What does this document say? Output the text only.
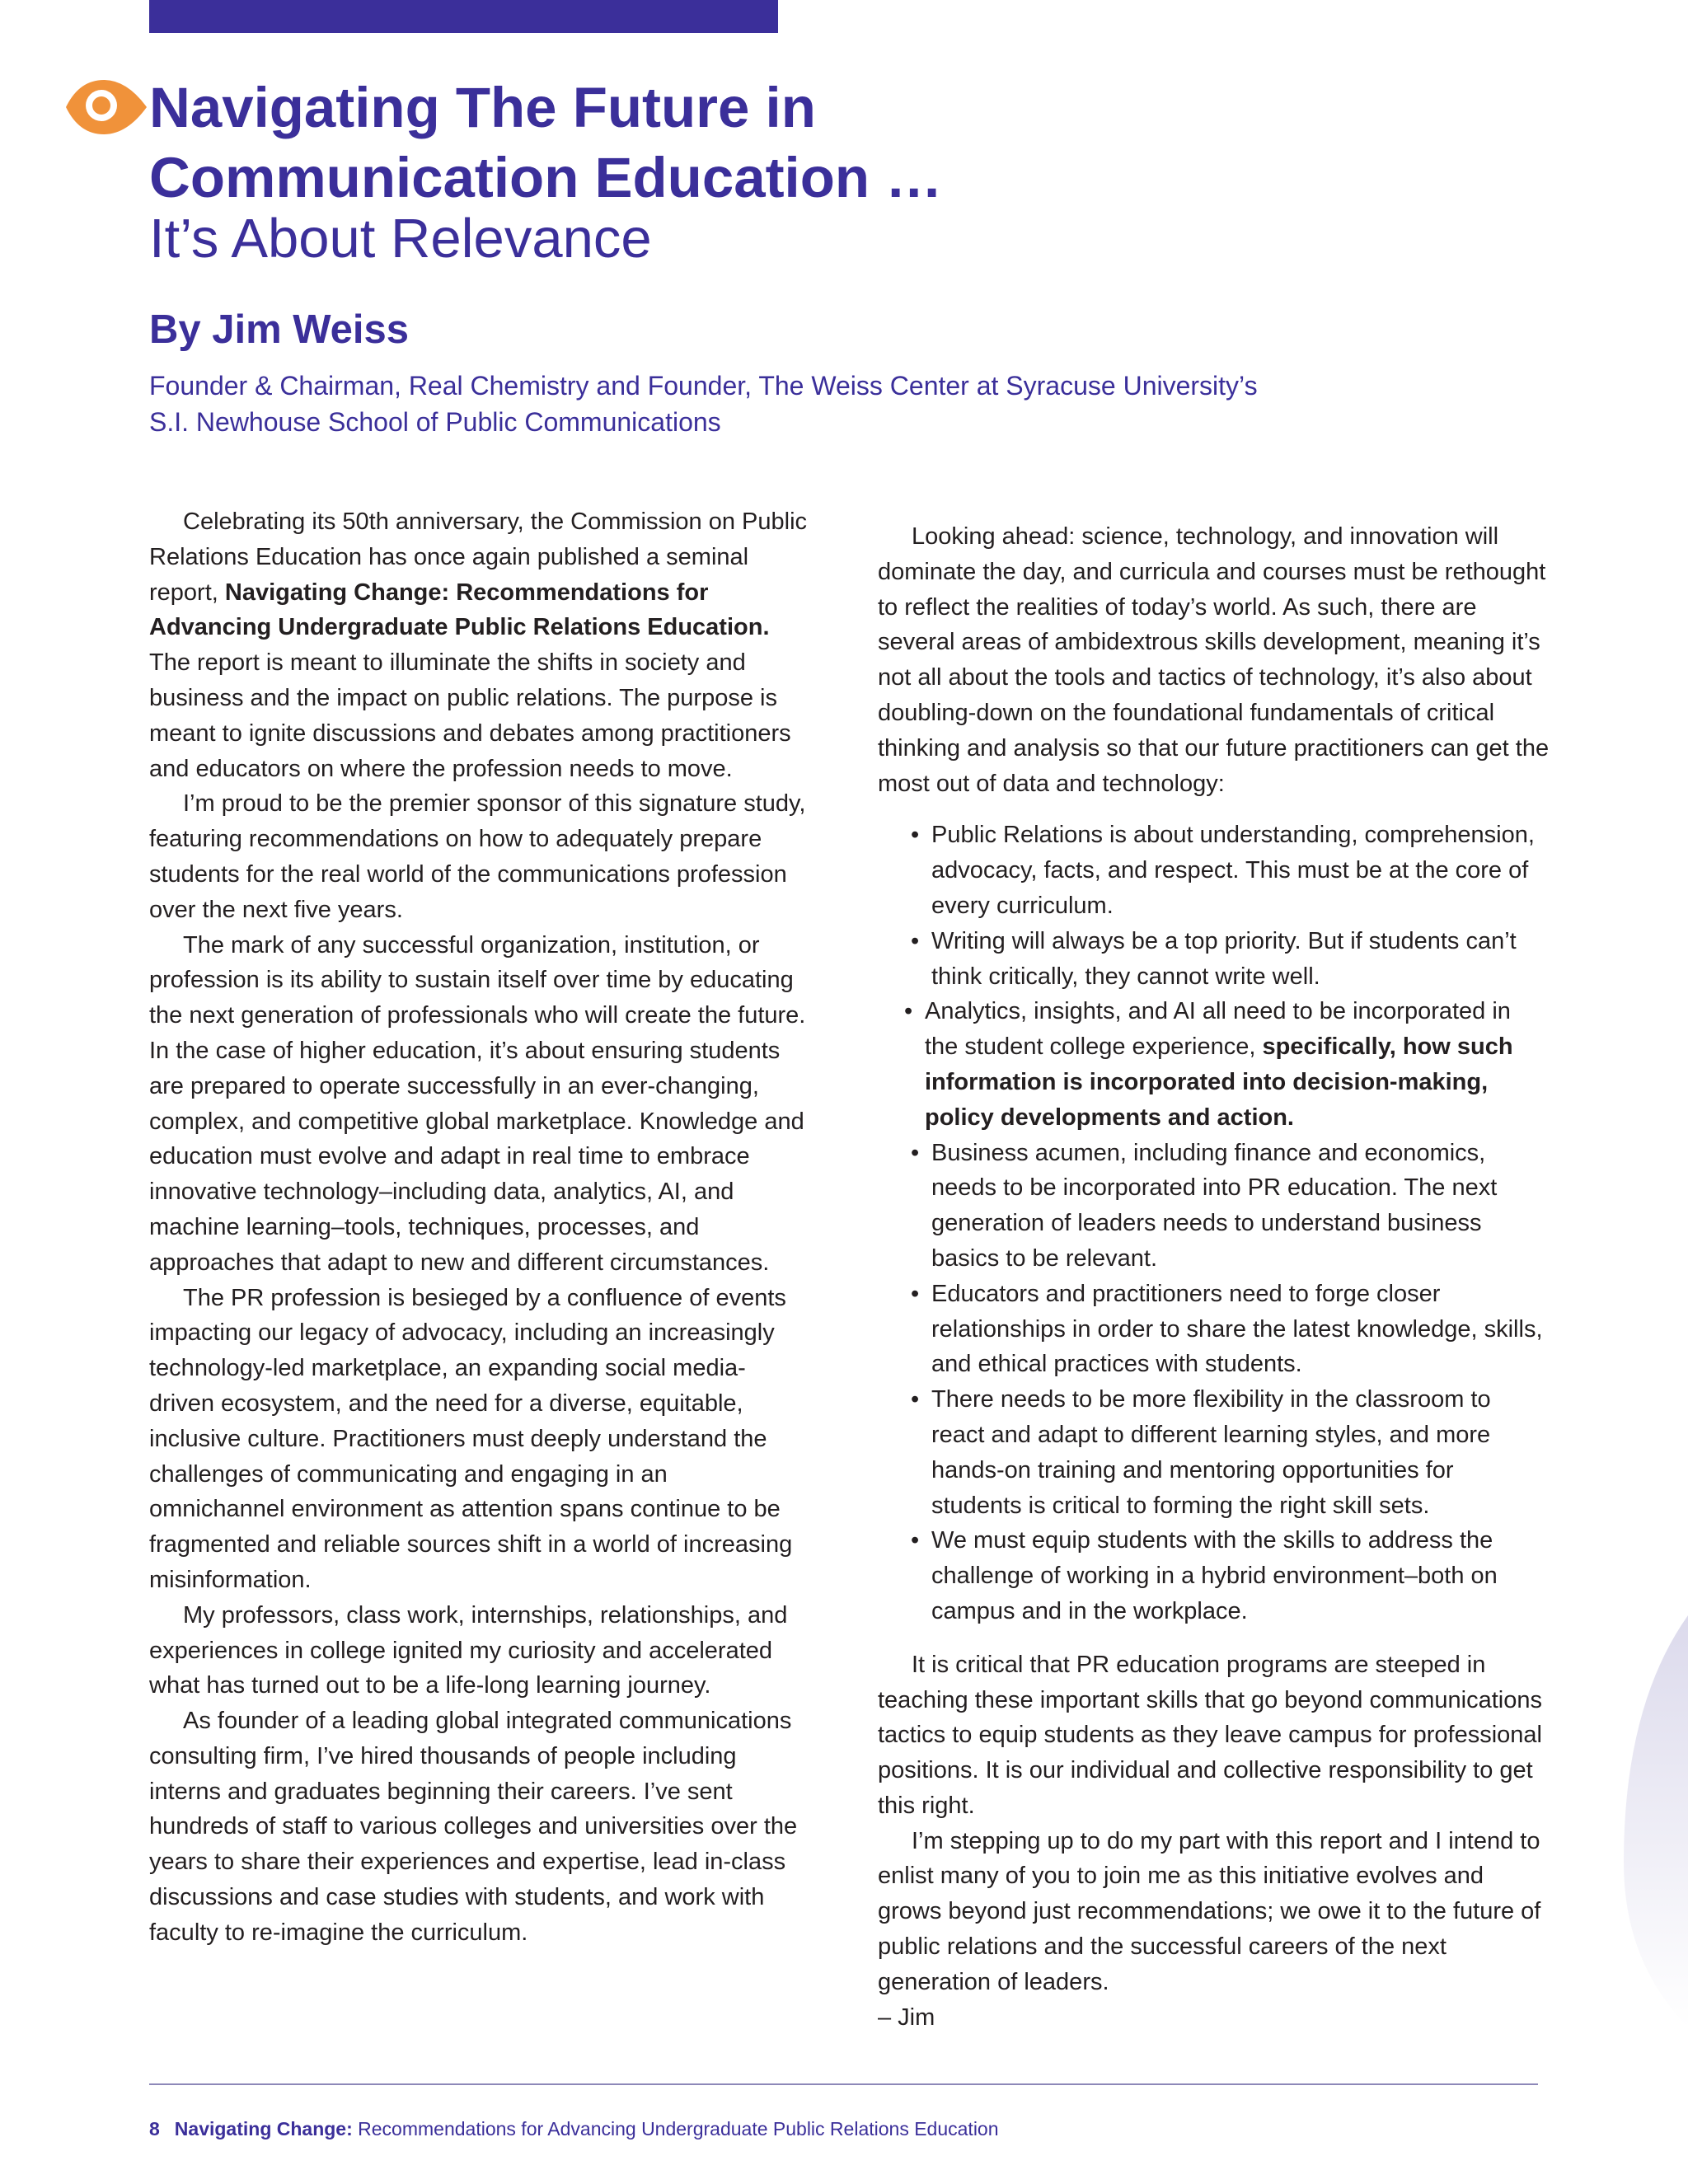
Navigating The Future in
Communication Education …
It’s About Relevance
By Jim Weiss
Founder & Chairman, Real Chemistry and Founder, The Weiss Center at Syracuse University’s
S.I. Newhouse School of Public Communications

Celebrating its 50th anniversary, the Commission on Public Relations Education has once again published a seminal report, Navigating Change: Recommendations for Advancing Undergraduate Public Relations Education. The report is meant to illuminate the shifts in society and business and the impact on public relations. The purpose is meant to ignite discussions and debates among practitioners and educators on where the profession needs to move.

I’m proud to be the premier sponsor of this signature study, featuring recommendations on how to adequately prepare students for the real world of the communications profession over the next five years.

The mark of any successful organization, institution, or profession is its ability to sustain itself over time by educating the next generation of professionals who will create the future. In the case of higher education, it’s about ensuring students are prepared to operate successfully in an ever-changing, complex, and competitive global marketplace. Knowledge and education must evolve and adapt in real time to embrace innovative technology–including data, analytics, AI, and machine learning–tools, techniques, processes, and approaches that adapt to new and different circumstances.

The PR profession is besieged by a confluence of events impacting our legacy of advocacy, including an increasingly technology-led marketplace, an expanding social media-driven ecosystem, and the need for a diverse, equitable, inclusive culture. Practitioners must deeply understand the challenges of communicating and engaging in an omnichannel environment as attention spans continue to be fragmented and reliable sources shift in a world of increasing misinformation.

My professors, class work, internships, relationships, and experiences in college ignited my curiosity and accelerated what has turned out to be a life-long learning journey.

As founder of a leading global integrated communications consulting firm, I’ve hired thousands of people including interns and graduates beginning their careers. I’ve sent hundreds of staff to various colleges and universities over the years to share their experiences and expertise, lead in-class discussions and case studies with students, and work with faculty to re-imagine the curriculum.

Looking ahead: science, technology, and innovation will dominate the day, and curricula and courses must be rethought to reflect the realities of today’s world. As such, there are several areas of ambidextrous skills development, meaning it’s not all about the tools and tactics of technology, it’s also about doubling-down on the foundational fundamentals of critical thinking and analysis so that our future practitioners can get the most out of data and technology:

• Public Relations is about understanding, comprehension, advocacy, facts, and respect. This must be at the core of every curriculum.
• Writing will always be a top priority. But if students can’t think critically, they cannot write well.
• Analytics, insights, and AI all need to be incorporated in the student college experience, specifically, how such information is incorporated into decision-making, policy developments and action.
• Business acumen, including finance and economics, needs to be incorporated into PR education. The next generation of leaders needs to understand business basics to be relevant.
• Educators and practitioners need to forge closer relationships in order to share the latest knowledge, skills, and ethical practices with students.
• There needs to be more flexibility in the classroom to react and adapt to different learning styles, and more hands-on training and mentoring opportunities for students is critical to forming the right skill sets.
• We must equip students with the skills to address the challenge of working in a hybrid environment–both on campus and in the workplace.

It is critical that PR education programs are steeped in teaching these important skills that go beyond communications tactics to equip students as they leave campus for professional positions. It is our individual and collective responsibility to get this right.

I’m stepping up to do my part with this report and I intend to enlist many of you to join me as this initiative evolves and grows beyond just recommendations; we owe it to the future of public relations and the successful careers of the next generation of leaders.

– Jim

8 Navigating Change: Recommendations for Advancing Undergraduate Public Relations Education
